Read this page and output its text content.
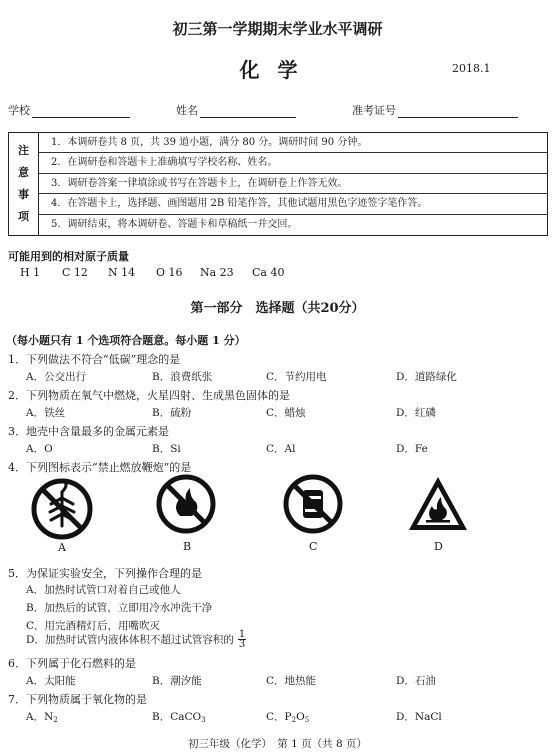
初三第一学期期末学业水平调研
化学	2018.1
学校	姓名	准考证号
注
意
事
项
1．本调研卷共 8 页，共 39 道小题，满分 80 分。调研时间 90 分钟。
2．在调研卷和答题卡上准确填写学校名称、姓名。
3．调研卷答案一律填涂或书写在答题卡上，在调研卷上作答无效。
4．在答题卡上，选择题、画图题用 2B 铅笔作答，其他试题用黑色字迹签字笔作答。
5．调研结束，将本调研卷、答题卡和草稿纸一并交回。
可能用到的相对原子质量
H 1 C 12 N 14 O 16 Na 23 Ca 40
第一部分　选择题（共20分）
（每小题只有 1 个选项符合题意。每小题 1 分）
1．下列做法不符合“低碳”理念的是
A．公交出行	B．浪费纸张	C．节约用电	D．道路绿化
2．下列物质在氧气中燃烧，火星四射、生成黑色固体的是
A．铁丝	B．硫粉	C．蜡烛	D．红磷
3．地壳中含量最多的金属元素是
A．O	B．Si	C．Al	D．Fe
4．下列图标表示“禁止燃放鞭炮”的是
A	B	C	D
5．为保证实验安全，下列操作合理的是
A．加热时试管口对着自己或他人
B．加热后的试管，立即用冷水冲洗干净
C．用完酒精灯后，用嘴吹灭
D．加热时试管内液体体积不超过试管容积的 $\frac{1}{3}$
6．下列属于化石燃料的是
A．太阳能	B．潮汐能	C．地热能	D．石油
7．下列物质属于氧化物的是
A．$N_2$	B．CaCO$_3$	C．$P_2O_5$	D．NaCl
初三年级（化学）　第 1 页（共 8 页）
